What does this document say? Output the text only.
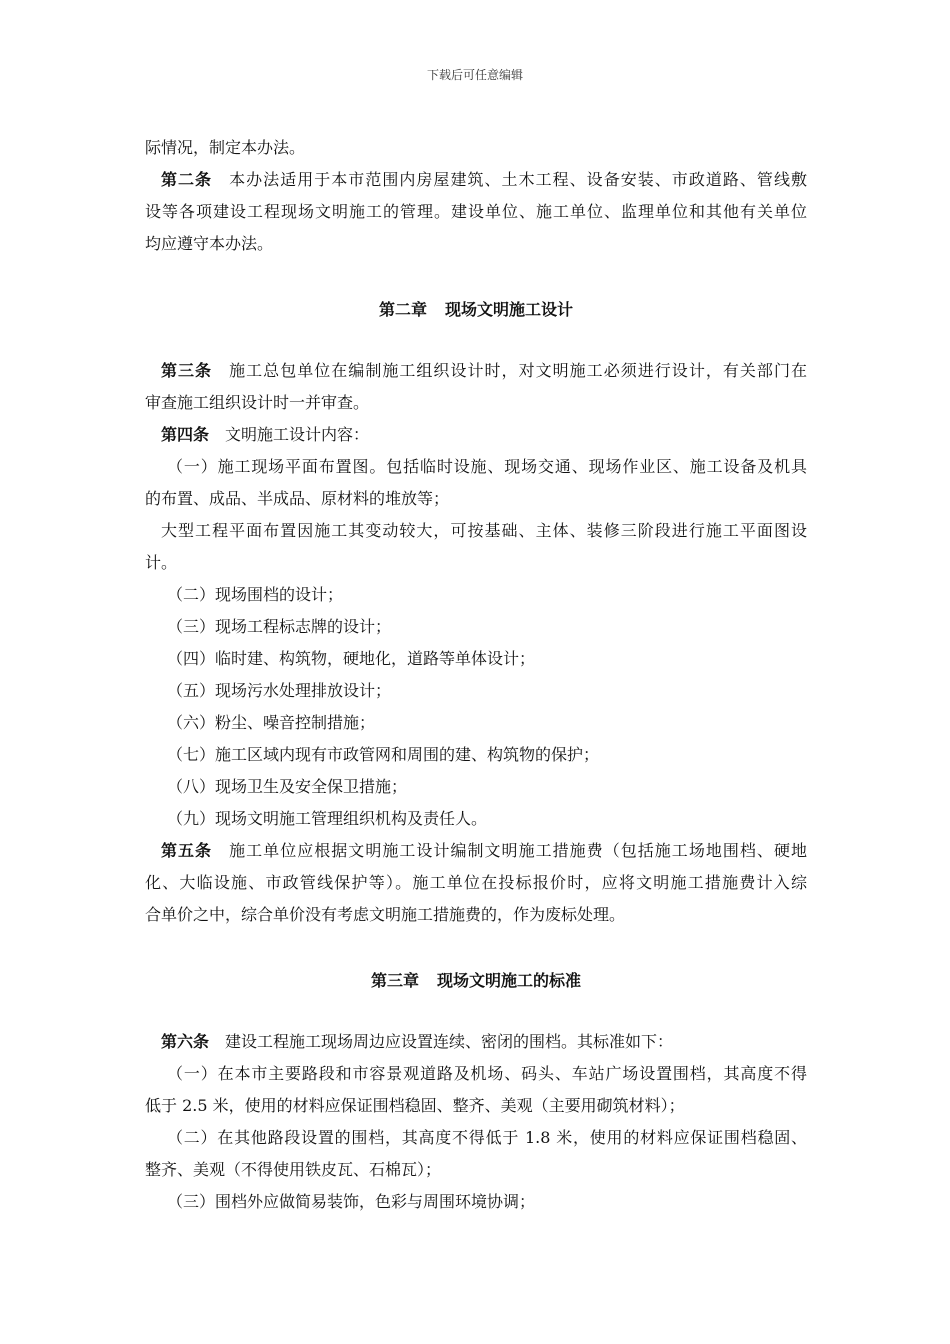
下载后可任意编辑
际情况，制定本办法。
第二条 本办法适用于本市范围内房屋建筑、土木工程、设备安装、市政道路、管线敷
设等各项建设工程现场文明施工的管理。建设单位、施工单位、监理单位和其他有关单位
均应遵守本办法。
第二章 现场文明施工设计
第三条 施工总包单位在编制施工组织设计时，对文明施工必须进行设计，有关部门在
审查施工组织设计时一并审查。
第四条 文明施工设计内容：
（一）施工现场平面布置图。包括临时设施、现场交通、现场作业区、施工设备及机具
的布置、成品、半成品、原材料的堆放等；
大型工程平面布置因施工其变动较大，可按基础、主体、装修三阶段进行施工平面图设
计。
（二）现场围档的设计；
（三）现场工程标志牌的设计；
（四）临时建、构筑物，硬地化，道路等单体设计；
（五）现场污水处理排放设计；
（六）粉尘、噪音控制措施；
（七）施工区域内现有市政管网和周围的建、构筑物的保护；
（八）现场卫生及安全保卫措施；
（九）现场文明施工管理组织机构及责任人。
第五条 施工单位应根据文明施工设计编制文明施工措施费（包括施工场地围档、硬地
化、大临设施、市政管线保护等）。施工单位在投标报价时，应将文明施工措施费计入综
合单价之中，综合单价没有考虑文明施工措施费的，作为废标处理。
第三章 现场文明施工的标准
第六条 建设工程施工现场周边应设置连续、密闭的围档。其标准如下：
（一）在本市主要路段和市容景观道路及机场、码头、车站广场设置围档，其高度不得
低于 2.5 米，使用的材料应保证围档稳固、整齐、美观（主要用砌筑材料）；
（二）在其他路段设置的围档，其高度不得低于 1.8 米，使用的材料应保证围档稳固、
整齐、美观（不得使用铁皮瓦、石棉瓦）；
（三）围档外应做简易装饰，色彩与周围环境协调；
